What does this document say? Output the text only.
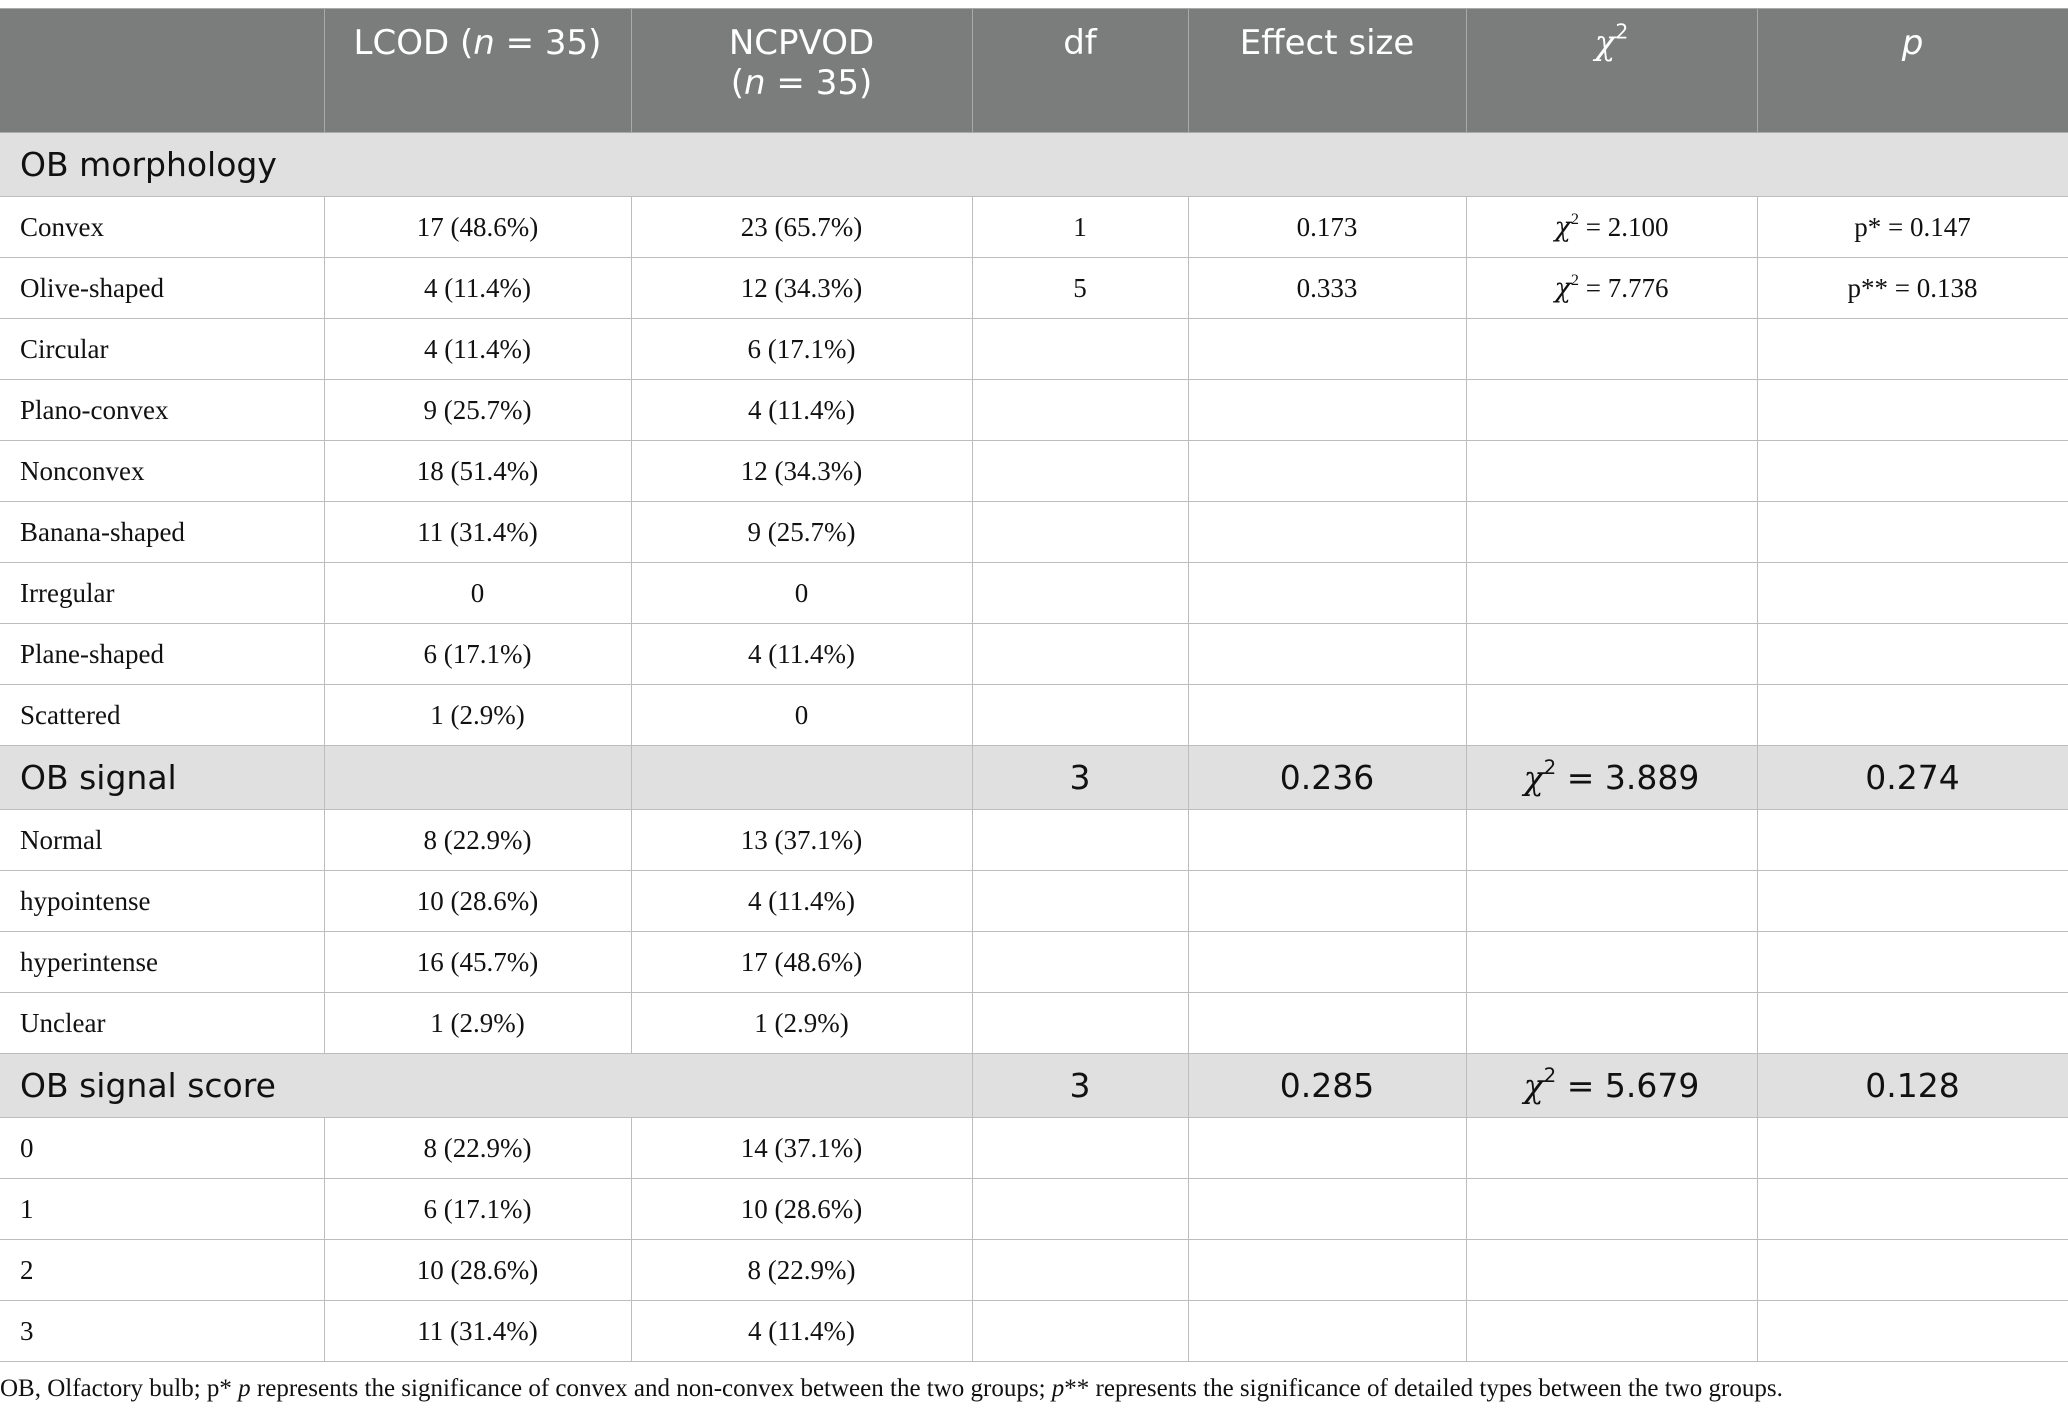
	LCOD (n = 35)	NCPVOD
(n = 35)	df	Effect size	$\chi^2$	p
OB morphology						
Convex	17 (48.6%)	23 (65.7%)	1	0.173	$\chi^2 = 2.100$	p* = 0.147
Olive-shaped	4 (11.4%)	12 (34.3%)	5	0.333	$\chi^2 = 7.776$	p** = 0.138
Circular	4 (11.4%)	6 (17.1%)				
Plano-convex	9 (25.7%)	4 (11.4%)				
Nonconvex	18 (51.4%)	12 (34.3%)				
Banana-shaped	11 (31.4%)	9 (25.7%)				
Irregular	0	0				
Plane-shaped	6 (17.1%)	4 (11.4%)				
Scattered	1 (2.9%)	0				
OB signal			3	0.236	$\chi^2 = 3.889$	0.274
Normal	8 (22.9%)	13 (37.1%)				
hypointense	10 (28.6%)	4 (11.4%)				
hyperintense	16 (45.7%)	17 (48.6%)				
Unclear	1 (2.9%)	1 (2.9%)				
OB signal score			3	0.285	$\chi^2 = 5.679$	0.128
0	8 (22.9%)	14 (37.1%)				
1	6 (17.1%)	10 (28.6%)				
2	10 (28.6%)	8 (22.9%)				
3	11 (31.4%)	4 (11.4%)				
OB, Olfactory bulb; p* p represents the significance of convex and non-convex between the two groups; p** represents the significance of detailed types between the two groups.
